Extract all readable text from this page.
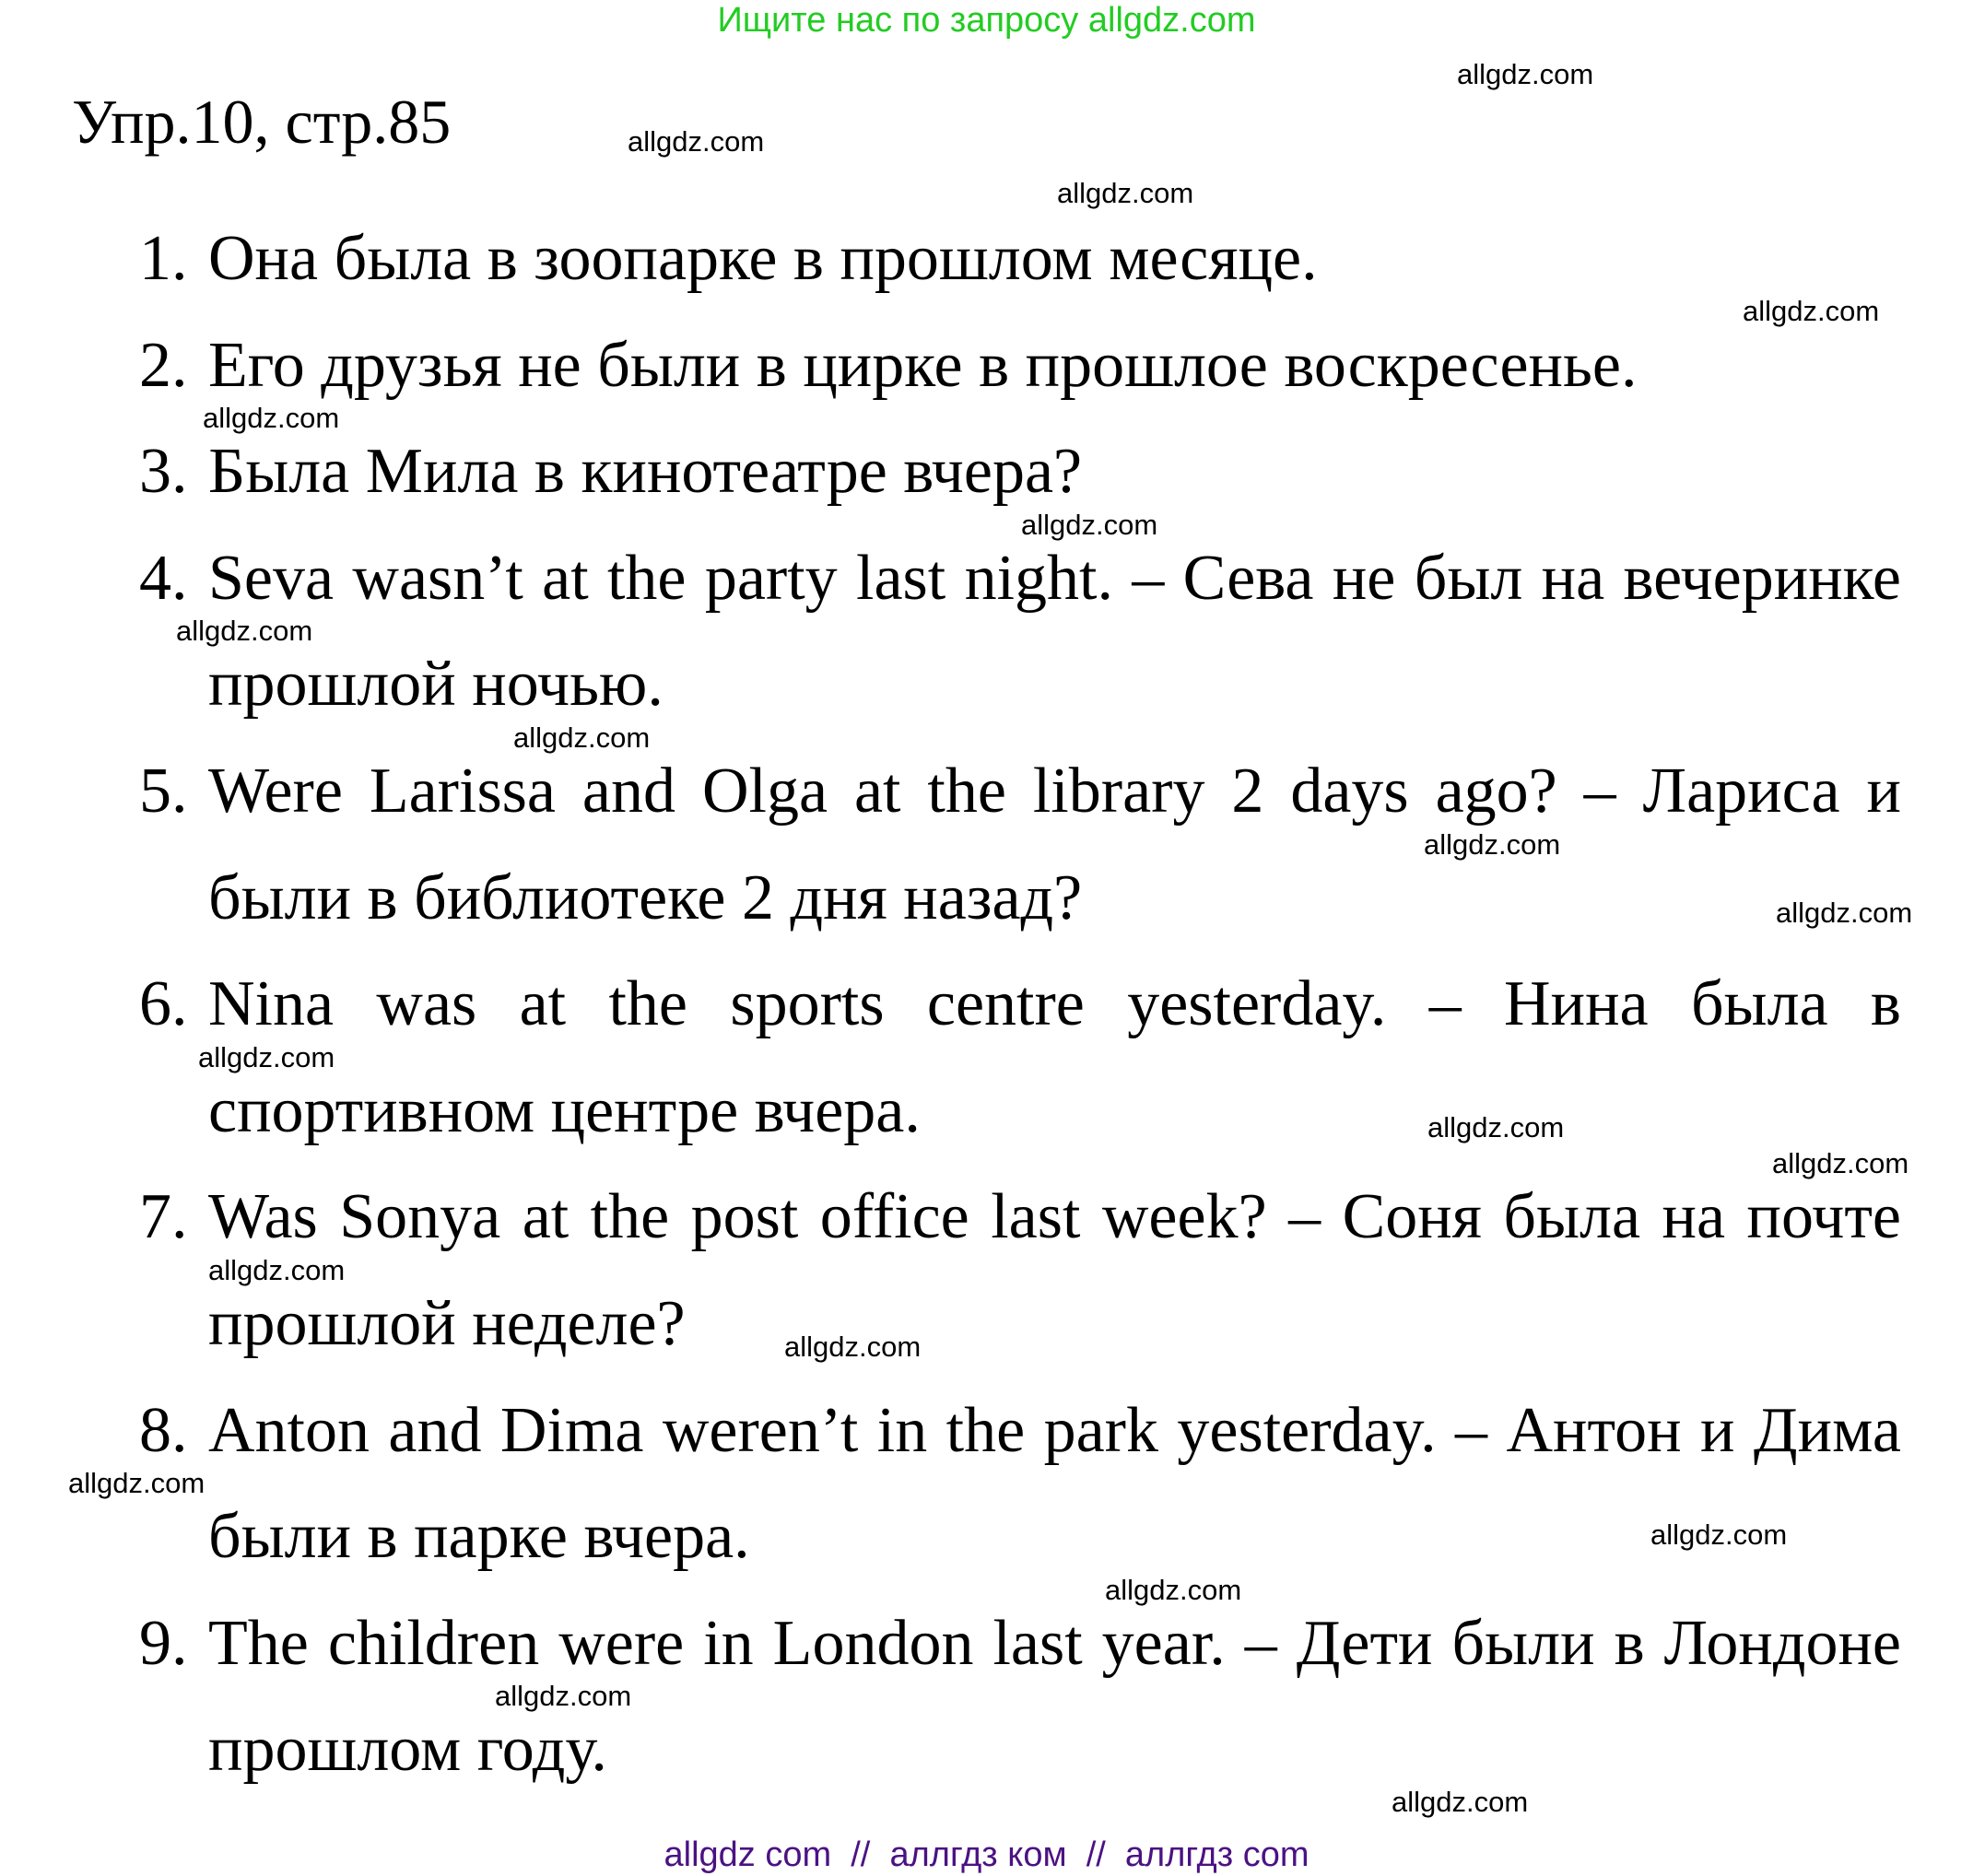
Ищите нас по запросу allgdz.com
Упр.10, стр.85
1. Она была в зоопарке в прошлом месяце.
2. Его друзья не были в цирке в прошлое воскресенье.
3. Была Мила в кинотеатре вчера?
4. Seva wasn’t at the party last night. – Сева не был на вечеринке
прошлой ночью.
5. Were Larissa and Olga at the library 2 days ago? – Лариса и
были в библиотеке 2 дня назад?
6. Nina was at the sports centre yesterday. – Нина была в
спортивном центре вчера.
7. Was Sonya at the post office last week? – Соня была на почте
прошлой неделе?
8. Anton and Dima weren’t in the park yesterday. – Антон и Дима
были в парке вчера.
9. The children were in London last year. – Дети были в Лондоне
прошлом году.
allgdz.com
allgdz.com
allgdz.com
allgdz.com
allgdz.com
allgdz.com
allgdz.com
allgdz.com
allgdz.com
allgdz.com
allgdz.com
allgdz.com
allgdz.com
allgdz.com
allgdz.com
allgdz.com
allgdz.com
allgdz.com
allgdz.com
allgdz.com
allgdz com  //  аллгдз ком  //  аллгдз com
